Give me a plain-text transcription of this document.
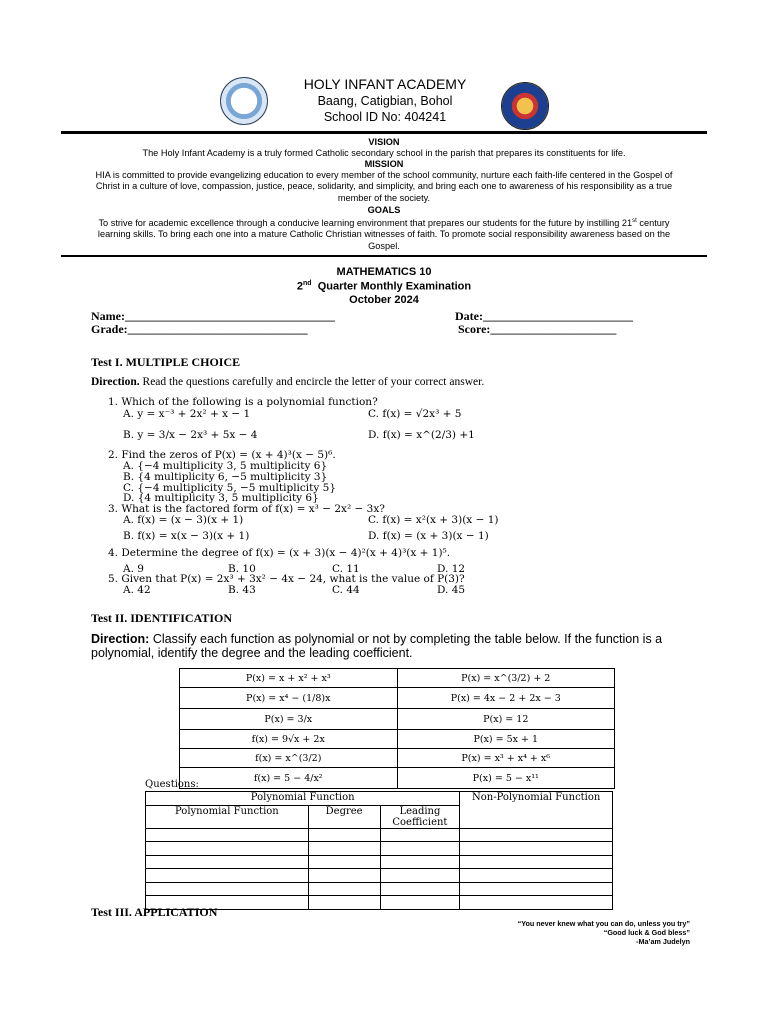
HOLY INFANT ACADEMY
Baang, Catigbian, Bohol
School ID No: 404241
VISION
The Holy Infant Academy is a truly formed Catholic secondary school in the parish that prepares its constituents for life.
MISSION
HIA is committed to provide evangelizing education to every member of the school community, nurture each faith-life centered in the Gospel of Christ in a culture of love, compassion, justice, peace, solidarity, and simplicity, and bring each one to awareness of his responsibility as a true member of the society.
GOALS
To strive for academic excellence through a conducive learning environment that prepares our students for the future by instilling 21st century learning skills. To bring each one into a mature Catholic Christian witnesses of faith. To promote social responsibility awareness based on the Gospel.
MATHEMATICS 10
2nd  Quarter Monthly Examination
October 2024
Name:___________________________________	Date:_________________________
Grade:______________________________	Score:_____________________
Test I. MULTIPLE CHOICE
Direction. Read the questions carefully and encircle the letter of your correct answer.
1. Which of the following is a polynomial function?
A. y = x⁻³ + 2x² + x − 1	C. f(x) = √2x³ + 5
B. y = 3/x − 2x³ + 5x − 4	D. f(x) = x^(2/3) +1
2. Find the zeros of P(x) = (x + 4)³(x − 5)⁶.
A. {−4 multiplicity 3, 5 multiplicity 6}
B. {4 multiplicity 6, −5 multiplicity 3}
C. {−4 multiplicity 5, −5 multiplicity 5}
D. {4 multiplicity 3, 5 multiplicity 6}
3. What is the factored form of f(x) = x³ − 2x² − 3x?
A. f(x) = (x − 3)(x + 1)	C. f(x) = x²(x + 3)(x − 1)
B. f(x) = x(x − 3)(x + 1)	D. f(x) = (x + 3)(x − 1)
4. Determine the degree of f(x) = (x + 3)(x − 4)²(x + 4)³(x + 1)⁵.
A. 9	B. 10	C. 11	D. 12
5. Given that P(x) = 2x³ + 3x² − 4x − 24, what is the value of P(3)?
A. 42	B. 43	C. 44	D. 45
Test II. IDENTIFICATION
Direction: Classify each function as polynomial or not by completing the table below. If the function is a polynomial, identify the degree and the leading coefficient.
P(x) = x + x² + x³	P(x) = x^(3/2) + 2
P(x) = x⁴ − (1/8)x	P(x) = 4x − 2 + 2x − 3
P(x) = 3/x	P(x) = 12
f(x) = 9√x + 2x	P(x) = 5x + 1
f(x) = x^(3/2)	P(x) = x³ + x⁴ + x⁶
f(x) = 5 − 4/x²	P(x) = 5 − x¹¹
Questions:
Polynomial Function			Non-Polynomial Function
Polynomial Function	Degree	Leading Coefficient	

Test III. APPLICATION
“You never knew what you can do, unless you try”
“Good luck & God bless”
-Ma’am Judelyn
